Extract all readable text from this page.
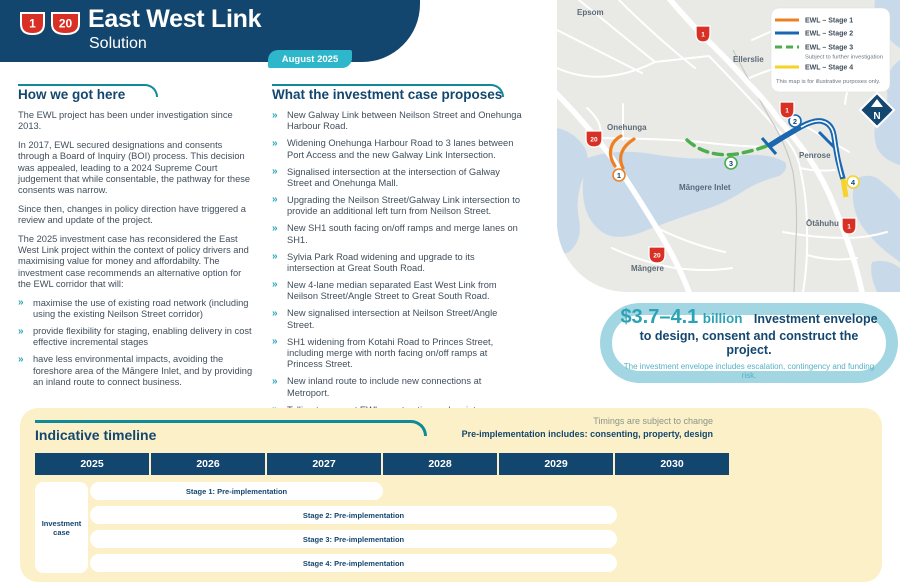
1 20 East West Link
Solution
August 2025
How we got here

The EWL project has been under investigation since 2013.

In 2017, EWL secured designations and consents through a Board of Inquiry (BOI) process. This decision was appealed, leading to a 2024 Supreme Court judgement that while consentable, the pathway for these consents was narrow.

Since then, changes in policy direction have triggered a review and update of the project.

The 2025 investment case has reconsidered the East West Link project within the context of policy drivers and maximising value for money and affordabilty. The investment case recommends an alternative option for the EWL corridor that will:

» maximise the use of existing road network (including using the existing Neilson Street corridor)
» provide flexibility for staging, enabling delivery in cost effective incremental stages
» have less environmental impacts, avoiding the foreshore area of the Māngere Inlet, and by providing an inland route to connect business.
What the investment case proposes
» New Galway Link between Neilson Street and Onehunga Harbour Road.
» Widening Onehunga Harbour Road to 3 lanes between Port Access and the new Galway Link Intersection.
» Signalised intersection at the intersection of Galway Street and Onehunga Mall.
» Upgrading the Neilson Street/Galway Link intersection to provide an additional left turn from Neilson Street.
» New SH1 south facing on/off ramps and merge lanes on SH1.
» Sylvia Park Road widening and upgrade to its intersection at Great South Road.
» New 4-lane median separated East West Link from Neilson Street/Angle Street to Great South Road.
» New signalised intersection at Neilson Street/Angle Street.
» SH1 widening from Kotahi Road to Princes Street, including merge with north facing on/off ramps at Princess Street.
» New inland route to include new connections at Metroport.
»
»
1
2
3
4
1
1
1
20
20
Epsom
Ellerslie
Onehunga
Penrose
Māngere Inlet
Ōtāhuhu
Māngere
EWL – Stage 1
EWL – Stage 2
EWL – Stage 3
EWL – Stage 4
Subject to further investigation
This map is for illustrative purposes only.
N
$3.7–4.1 billion Investment envelope
to design, consent and construct the project.
The investment envelope includes escalation, contingency and funding risk.
Indicative timeline
Timings are subject to change
Pre-implementation includes: consenting, property, design
2025	2026	2027	2028	2029	2030
Investment case
Stage 1: Pre-implementation
Stage 2: Pre-implementation
Stage 3: Pre-implementation
Stage 4: Pre-implementation
